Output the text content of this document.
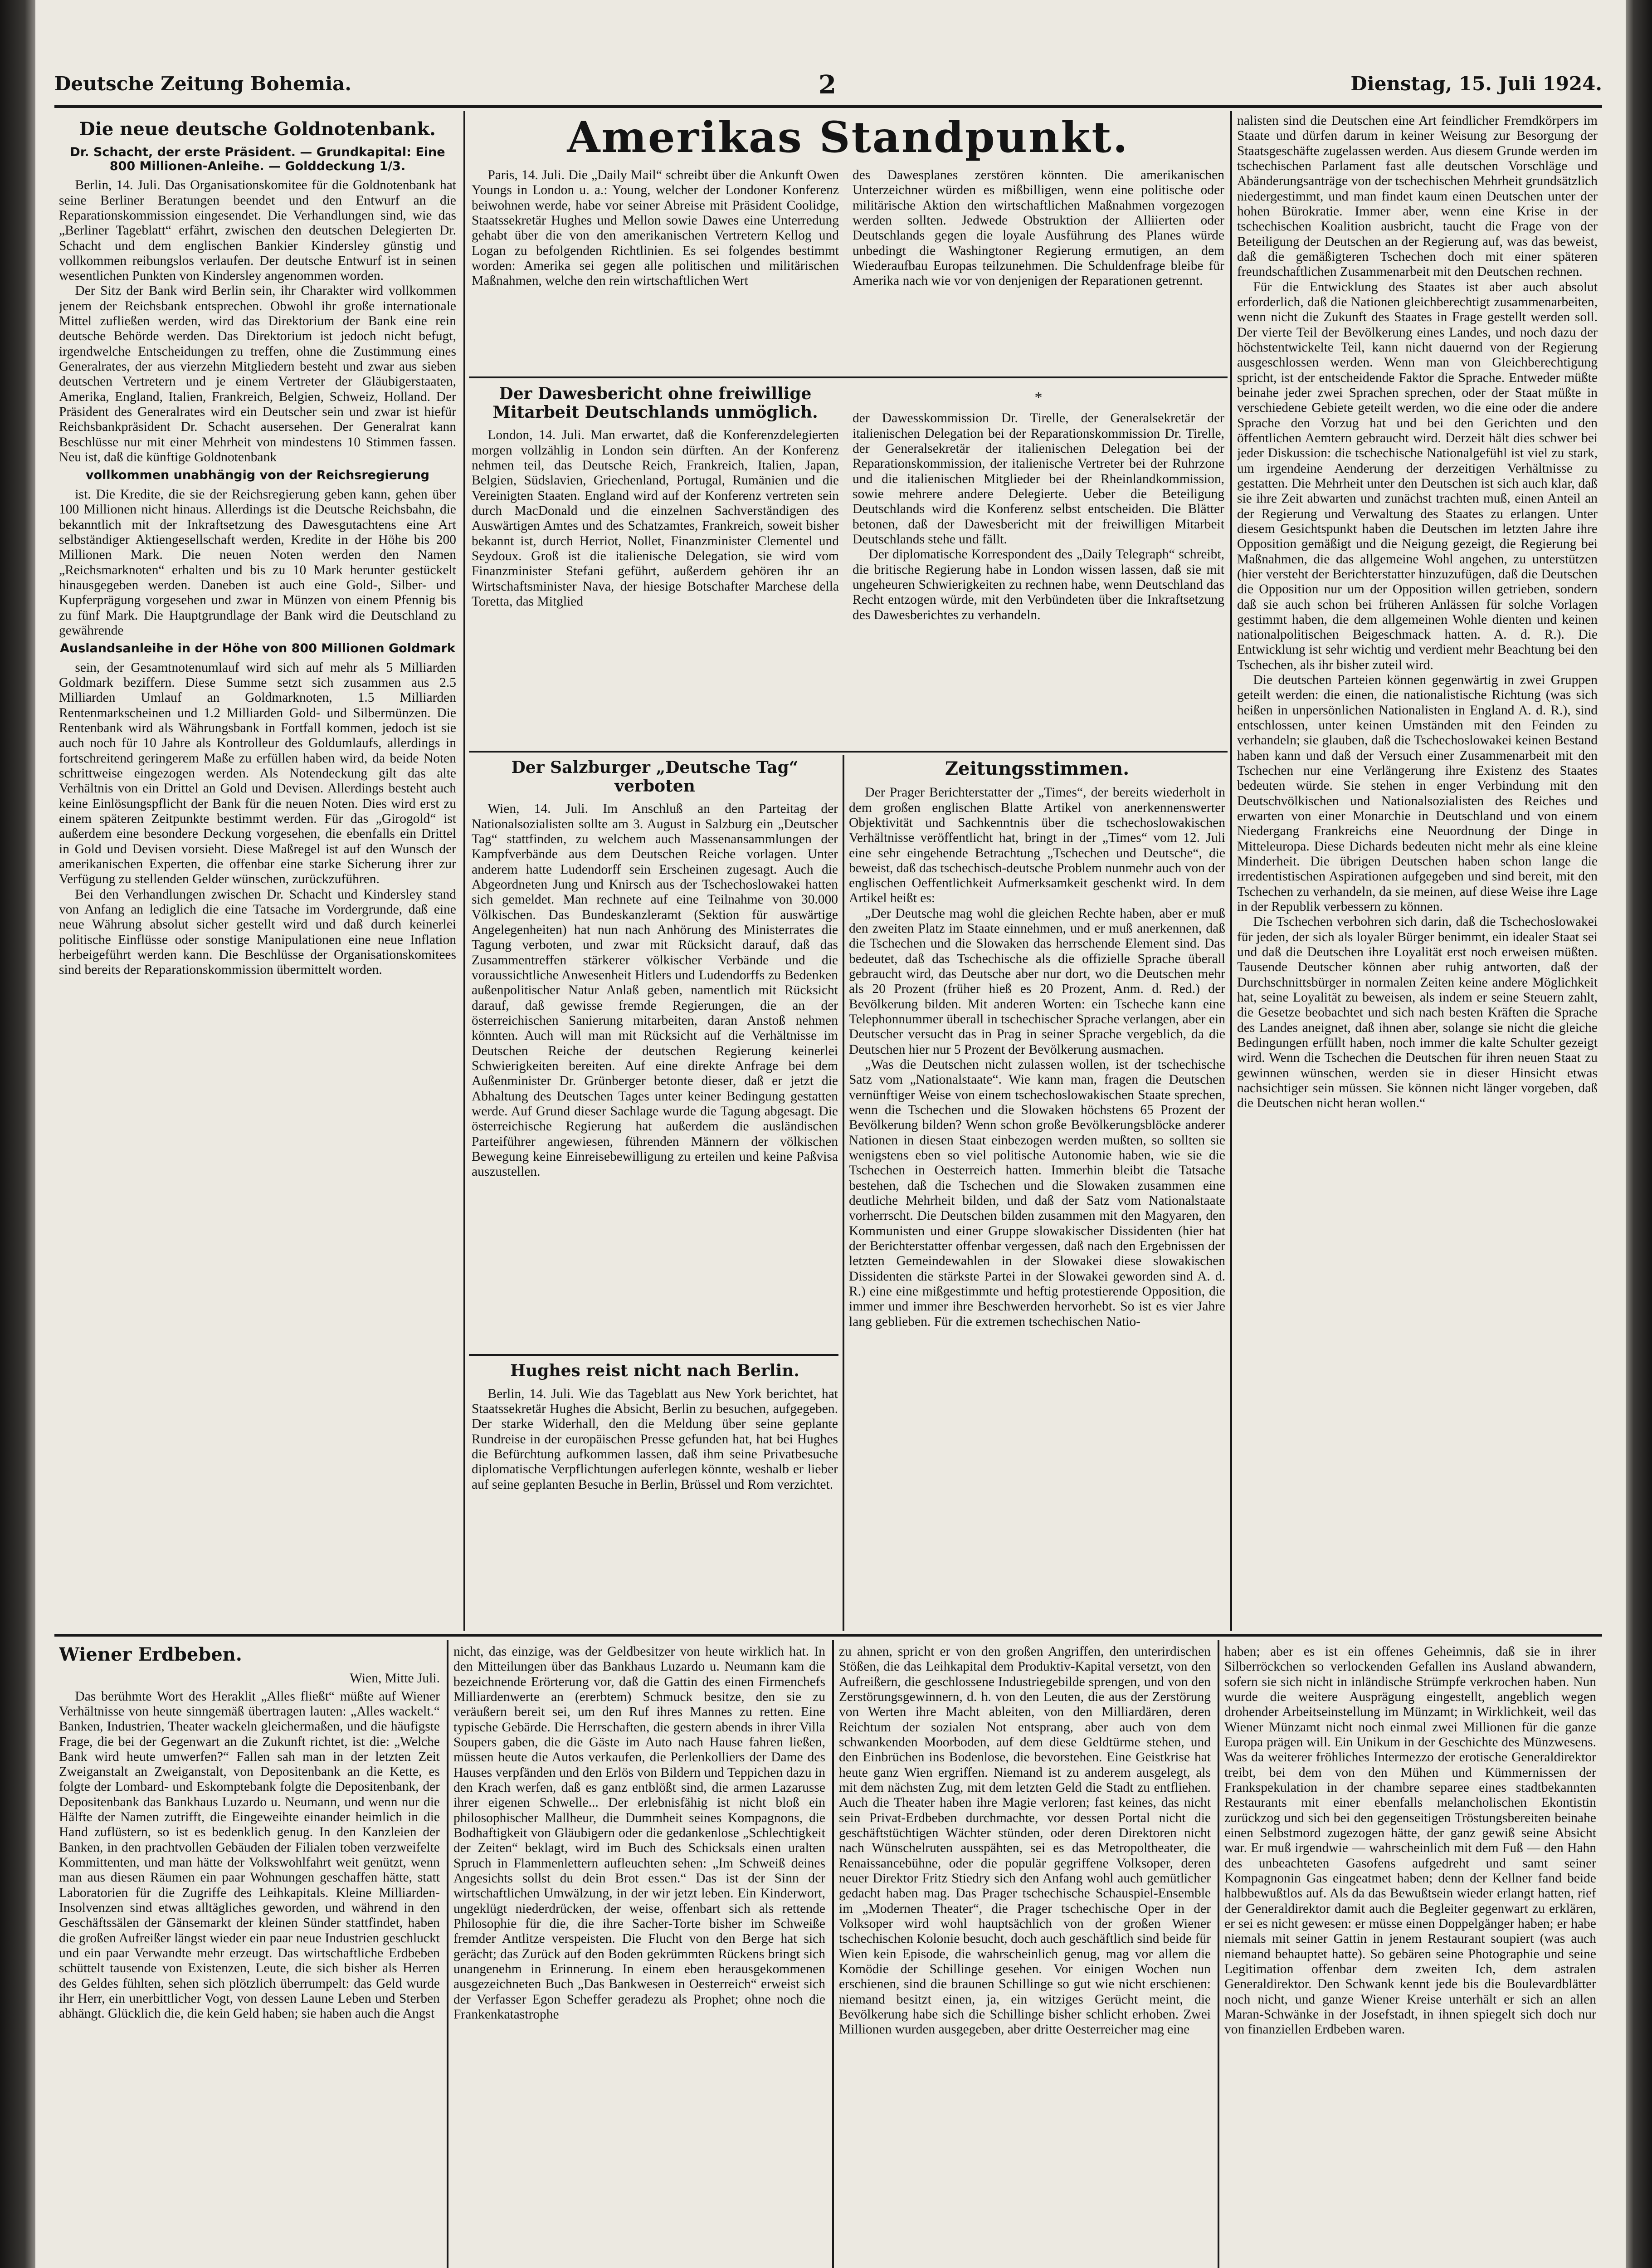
Deutsche Zeitung Bohemia.	2	Dienstag, 15. Juli 1924.
Die neue deutsche Goldnotenbank.
Dr. Schacht, der erste Präsident. — Grundkapital: Eine 800 Millionen-Anleihe. — Golddeckung 1/3.

Berlin, 14. Juli. Das Organisationskomitee für die Goldnotenbank hat seine Berliner Beratungen beendet und den Entwurf an die Reparationskommission eingesendet. Die Verhandlungen sind, wie das „Berliner Tageblatt“ erfährt, zwischen den deutschen Delegierten Dr. Schacht und dem englischen Bankier Kindersley günstig und vollkommen reibungslos verlaufen. Der deutsche Entwurf ist in seinen wesentlichen Punkten von Kindersley angenommen worden.

Der Sitz der Bank wird Berlin sein, ihr Charakter wird vollkommen jenem der Reichsbank entsprechen. Obwohl ihr große internationale Mittel zufließen werden, wird das Direktorium der Bank eine rein deutsche Behörde werden. Das Direktorium ist jedoch nicht befugt, irgendwelche Entscheidungen zu treffen, ohne die Zustimmung eines Generalrates, der aus vierzehn Mitgliedern besteht und zwar aus sieben deutschen Vertretern und je einem Vertreter der Gläubigerstaaten, Amerika, England, Italien, Frankreich, Belgien, Schweiz, Holland. Der Präsident des Generalrates wird ein Deutscher sein und zwar ist hiefür Reichsbankpräsident Dr. Schacht ausersehen. Der Generalrat kann Beschlüsse nur mit einer Mehrheit von mindestens 10 Stimmen fassen. Neu ist, daß die künftige Goldnotenbank

vollkommen unabhängig von der Reichsregierung

ist. Die Kredite, die sie der Reichsregierung geben kann, gehen über 100 Millionen nicht hinaus. Allerdings ist die Deutsche Reichsbahn, die bekanntlich mit der Inkraftsetzung des Dawesgutachtens eine Art selbständiger Aktiengesellschaft werden, Kredite in der Höhe bis 200 Millionen Mark. Die neuen Noten werden den Namen „Reichsmarknoten“ erhalten und bis zu 10 Mark herunter gestückelt hinausgegeben werden. Daneben ist auch eine Gold-, Silber- und Kupferprägung vorgesehen und zwar in Münzen von einem Pfennig bis zu fünf Mark. Die Hauptgrundlage der Bank wird die Deutschland zu gewährende

Auslandsanleihe in der Höhe von 800 Millionen Goldmark

sein, der Gesamtnotenumlauf wird sich auf mehr als 5 Milliarden Goldmark beziffern. Diese Summe setzt sich zusammen aus 2.5 Milliarden Umlauf an Goldmarknoten, 1.5 Milliarden Rentenmarkscheinen und 1.2 Milliarden Gold- und Silbermünzen. Die Rentenbank wird als Währungsbank in Fortfall kommen, jedoch ist sie auch noch für 10 Jahre als Kontrolleur des Goldumlaufs, allerdings in fortschreitend geringerem Maße zu erfüllen haben wird, da beide Noten schrittweise eingezogen werden. Als Notendeckung gilt das alte Verhältnis von ein Drittel an Gold und Devisen. Allerdings besteht auch keine Einlösungspflicht der Bank für die neuen Noten. Dies wird erst zu einem späteren Zeitpunkte bestimmt werden. Für das „Girogold“ ist außerdem eine besondere Deckung vorgesehen, die ebenfalls ein Drittel in Gold und Devisen vorsieht. Diese Maßregel ist auf den Wunsch der amerikanischen Experten, die offenbar eine starke Sicherung ihrer zur Verfügung zu stellenden Gelder wünschen, zurückzuführen.

Bei den Verhandlungen zwischen Dr. Schacht und Kindersley stand von Anfang an lediglich die eine Tatsache im Vordergrunde, daß eine neue Währung absolut sicher gestellt wird und daß durch keinerlei politische Einflüsse oder sonstige Manipulationen eine neue Inflation herbeigeführt werden kann. Die Beschlüsse der Organisationskomitees sind bereits der Reparationskommission übermittelt worden.

Amerikas Standpunkt.

Paris, 14. Juli. Die „Daily Mail“ schreibt über die Ankunft Owen Youngs in London u. a.: Young, welcher der Londoner Konferenz beiwohnen werde, habe vor seiner Abreise mit Präsident Coolidge, Staatssekretär Hughes und Mellon sowie Dawes eine Unterredung gehabt über die von den amerikanischen Vertretern Kellog und Logan zu befolgenden Richtlinien. Es sei folgendes bestimmt worden: Amerika sei gegen alle politischen und militärischen Maßnahmen, welche den rein wirtschaftlichen Wert

des Dawesplanes zerstören könnten. Die amerikanischen Unterzeichner würden es mißbilligen, wenn eine politische oder militärische Aktion den wirtschaftlichen Maßnahmen vorgezogen werden sollten. Jedwede Obstruktion der Alliierten oder Deutschlands gegen die loyale Ausführung des Planes würde unbedingt die Washingtoner Regierung ermutigen, an dem Wiederaufbau Europas teilzunehmen. Die Schuldenfrage bleibe für Amerika nach wie vor von denjenigen der Reparationen getrennt.

Der Dawesbericht ohne freiwillige Mitarbeit Deutschlands unmöglich.

London, 14. Juli. Man erwartet, daß die Konferenzdelegierten morgen vollzählig in London sein dürften. An der Konferenz nehmen teil, das Deutsche Reich, Frankreich, Italien, Japan, Belgien, Südslavien, Griechenland, Portugal, Rumänien und die Vereinigten Staaten. England wird auf der Konferenz vertreten sein durch MacDonald und die einzelnen Sachverständigen des Auswärtigen Amtes und des Schatzamtes, Frankreich, soweit bisher bekannt ist, durch Herriot, Nollet, Finanzminister Clementel und Seydoux. Groß ist die italienische Delegation, sie wird vom Finanzminister Stefani geführt, außerdem gehören ihr an Wirtschaftsminister Nava, der hiesige Botschafter Marchese della Toretta, das Mitglied

*

der Dawesskommission Dr. Tirelle, der Generalsekretär der italienischen Delegation bei der Reparationskommission Dr. Tirelle, der Generalsekretär der italienischen Delegation bei der Reparationskommission, der italienische Vertreter bei der Ruhrzone und die italienischen Mitglieder bei der Rheinlandkommission, sowie mehrere andere Delegierte. Ueber die Beteiligung Deutschlands wird die Konferenz selbst entscheiden. Die Blätter betonen, daß der Dawesbericht mit der freiwilligen Mitarbeit Deutschlands stehe und fällt.

Der diplomatische Korrespondent des „Daily Telegraph“ schreibt, die britische Regierung habe in London wissen lassen, daß sie mit ungeheuren Schwierigkeiten zu rechnen habe, wenn Deutschland das Recht entzogen würde, mit den Verbündeten über die Inkraftsetzung des Dawesberichtes zu verhandeln.

Der Salzburger „Deutsche Tag“ verboten

Wien, 14. Juli. Im Anschluß an den Parteitag der Nationalsozialisten sollte am 3. August in Salzburg ein „Deutscher Tag“ stattfinden, zu welchem auch Massenansammlungen der Kampfverbände aus dem Deutschen Reiche vorlagen. Unter anderem hatte Ludendorff sein Erscheinen zugesagt. Auch die Abgeordneten Jung und Knirsch aus der Tschechoslowakei hatten sich gemeldet. Man rechnete auf eine Teilnahme von 30.000 Völkischen. Das Bundeskanzleramt (Sektion für auswärtige Angelegenheiten) hat nun nach Anhörung des Ministerrates die Tagung verboten, und zwar mit Rücksicht darauf, daß das Zusammentreffen stärkerer völkischer Verbände und die voraussichtliche Anwesenheit Hitlers und Ludendorffs zu Bedenken außenpolitischer Natur Anlaß geben, namentlich mit Rücksicht darauf, daß gewisse fremde Regierungen, die an der österreichischen Sanierung mitarbeiten, daran Anstoß nehmen könnten. Auch will man mit Rücksicht auf die Verhältnisse im Deutschen Reiche der deutschen Regierung keinerlei Schwierigkeiten bereiten. Auf eine direkte Anfrage bei dem Außenminister Dr. Grünberger betonte dieser, daß er jetzt die Abhaltung des Deutschen Tages unter keiner Bedingung gestatten werde. Auf Grund dieser Sachlage wurde die Tagung abgesagt. Die österreichische Regierung hat außerdem die ausländischen Parteiführer angewiesen, führenden Männern der völkischen Bewegung keine Einreisebewilligung zu erteilen und keine Paßvisa auszustellen.

Hughes reist nicht nach Berlin.

Berlin, 14. Juli. Wie das Tageblatt aus New York berichtet, hat Staatssekretär Hughes die Absicht, Berlin zu besuchen, aufgegeben. Der starke Widerhall, den die Meldung über seine geplante Rundreise in der europäischen Presse gefunden hat, hat bei Hughes die Befürchtung aufkommen lassen, daß ihm seine Privatbesuche diplomatische Verpflichtungen auferlegen könnte, weshalb er lieber auf seine geplanten Besuche in Berlin, Brüssel und Rom verzichtet.

Zeitungsstimmen.

Der Prager Berichterstatter der „Times“, der bereits wiederholt in dem großen englischen Blatte Artikel von anerkennenswerter Objektivität und Sachkenntnis über die tschechoslowakischen Verhältnisse veröffentlicht hat, bringt in der „Times“ vom 12. Juli eine sehr eingehende Betrachtung „Tschechen und Deutsche“, die beweist, daß das tschechisch-deutsche Problem nunmehr auch von der englischen Oeffentlichkeit Aufmerksamkeit geschenkt wird. In dem Artikel heißt es:

„Der Deutsche mag wohl die gleichen Rechte haben, aber er muß den zweiten Platz im Staate einnehmen, und er muß anerkennen, daß die Tschechen und die Slowaken das herrschende Element sind. Das bedeutet, daß das Tschechische als die offizielle Sprache überall gebraucht wird, das Deutsche aber nur dort, wo die Deutschen mehr als 20 Prozent (früher hieß es 20 Prozent, Anm. d. Red.) der Bevölkerung bilden. Mit anderen Worten: ein Tscheche kann eine Telephonnummer überall in tschechischer Sprache verlangen, aber ein Deutscher versucht das in Prag in seiner Sprache vergeblich, da die Deutschen hier nur 5 Prozent der Bevölkerung ausmachen.

„Was die Deutschen nicht zulassen wollen, ist der tschechische Satz vom „Nationalstaate“. Wie kann man, fragen die Deutschen vernünftiger Weise von einem tschechoslowakischen Staate sprechen, wenn die Tschechen und die Slowaken höchstens 65 Prozent der Bevölkerung bilden? Wenn schon große Bevölkerungsblöcke anderer Nationen in diesen Staat einbezogen werden mußten, so sollten sie wenigstens eben so viel politische Autonomie haben, wie sie die Tschechen in Oesterreich hatten. Immerhin bleibt die Tatsache bestehen, daß die Tschechen und die Slowaken zusammen eine deutliche Mehrheit bilden, und daß der Satz vom Nationalstaate vorherrscht. Die Deutschen bilden zusammen mit den Magyaren, den Kommunisten und einer Gruppe slowakischer Dissidenten (hier hat der Berichterstatter offenbar vergessen, daß nach den Ergebnissen der letzten Gemeindewahlen in der Slowakei diese slowakischen Dissidenten die stärkste Partei in der Slowakei geworden sind A. d. R.) eine eine mißgestimmte und heftig protestierende Opposition, die immer und immer ihre Beschwerden hervorhebt. So ist es vier Jahre lang geblieben. Für die extremen tschechischen Natio-

nalisten sind die Deutschen eine Art feindlicher Fremdkörpers im Staate und dürfen darum in keiner Weisung zur Besorgung der Staatsgeschäfte zugelassen werden. Aus diesem Grunde werden im tschechischen Parlament fast alle deutschen Vorschläge und Abänderungsanträge von der tschechischen Mehrheit grundsätzlich niedergestimmt, und man findet kaum einen Deutschen unter der hohen Bürokratie. Immer aber, wenn eine Krise in der tschechischen Koalition ausbricht, taucht die Frage von der Beteiligung der Deutschen an der Regierung auf, was das beweist, daß die gemäßigteren Tschechen doch mit einer späteren freundschaftlichen Zusammenarbeit mit den Deutschen rechnen.

Für die Entwicklung des Staates ist aber auch absolut erforderlich, daß die Nationen gleichberechtigt zusammenarbeiten, wenn nicht die Zukunft des Staates in Frage gestellt werden soll. Der vierte Teil der Bevölkerung eines Landes, und noch dazu der höchstentwickelte Teil, kann nicht dauernd von der Regierung ausgeschlossen werden. Wenn man von Gleichberechtigung spricht, ist der entscheidende Faktor die Sprache. Entweder müßte beinahe jeder zwei Sprachen sprechen, oder der Staat müßte in verschiedene Gebiete geteilt werden, wo die eine oder die andere Sprache den Vorzug hat und bei den Gerichten und den öffentlichen Aemtern gebraucht wird. Derzeit hält dies schwer bei jeder Diskussion: die tschechische Nationalgefühl ist viel zu stark, um irgendeine Aenderung der derzeitigen Verhältnisse zu gestatten. Die Mehrheit unter den Deutschen ist sich auch klar, daß sie ihre Zeit abwarten und zunächst trachten muß, einen Anteil an der Regierung und Verwaltung des Staates zu erlangen. Unter diesem Gesichtspunkt haben die Deutschen im letzten Jahre ihre Opposition gemäßigt und die Neigung gezeigt, die Regierung bei Maßnahmen, die das allgemeine Wohl angehen, zu unterstützen (hier versteht der Berichterstatter hinzuzufügen, daß die Deutschen die Opposition nur um der Opposition willen getrieben, sondern daß sie auch schon bei früheren Anlässen für solche Vorlagen gestimmt haben, die dem allgemeinen Wohle dienten und keinen nationalpolitischen Beigeschmack hatten. A. d. R.). Die Entwicklung ist sehr wichtig und verdient mehr Beachtung bei den Tschechen, als ihr bisher zuteil wird.

Die deutschen Parteien können gegenwärtig in zwei Gruppen geteilt werden: die einen, die nationalistische Richtung (was sich heißen in unpersönlichen Nationalisten in England A. d. R.), sind entschlossen, unter keinen Umständen mit den Feinden zu verhandeln; sie glauben, daß die Tschechoslowakei keinen Bestand haben kann und daß der Versuch einer Zusammenarbeit mit den Tschechen nur eine Verlängerung ihre Existenz des Staates bedeuten würde. Sie stehen in enger Verbindung mit den Deutschvölkischen und Nationalsozialisten des Reiches und erwarten von einer Monarchie in Deutschland und von einem Niedergang Frankreichs eine Neuordnung der Dinge in Mitteleuropa. Diese Dichards bedeuten nicht mehr als eine kleine Minderheit. Die übrigen Deutschen haben schon lange die irredentistischen Aspirationen aufgegeben und sind bereit, mit den Tschechen zu verhandeln, da sie meinen, auf diese Weise ihre Lage in der Republik verbessern zu können.

Die Tschechen verbohren sich darin, daß die Tschechoslowakei für jeden, der sich als loyaler Bürger benimmt, ein idealer Staat sei und daß die Deutschen ihre Loyalität erst noch erweisen müßten. Tausende Deutscher können aber ruhig antworten, daß der Durchschnittsbürger in normalen Zeiten keine andere Möglichkeit hat, seine Loyalität zu beweisen, als indem er seine Steuern zahlt, die Gesetze beobachtet und sich nach besten Kräften die Sprache des Landes aneignet, daß ihnen aber, solange sie nicht die gleiche Bedingungen erfüllt haben, noch immer die kalte Schulter gezeigt wird. Wenn die Tschechen die Deutschen für ihren neuen Staat zu gewinnen wünschen, werden sie in dieser Hinsicht etwas nachsichtiger sein müssen. Sie können nicht länger vorgeben, daß die Deutschen nicht heran wollen.“

Wiener Erdbeben.
Wien, Mitte Juli.

Das berühmte Wort des Heraklit „Alles fließt“ müßte auf Wiener Verhältnisse von heute sinngemäß übertragen lauten: „Alles wackelt.“ Banken, Industrien, Theater wackeln gleichermaßen, und die häufigste Frage, die bei der Gegenwart an die Zukunft richtet, ist die: „Welche Bank wird heute umwerfen?“ Fallen sah man in der letzten Zeit Zweiganstalt an Zweiganstalt, von Depositenbank an die Kette, es folgte der Lombard- und Eskomptebank folgte die Depositenbank, der Depositenbank das Bankhaus Luzardo u. Neumann, und wenn nur die Hälfte der Namen zutrifft, die Eingeweihte einander heimlich in die Hand zuflüstern, so ist es bedenklich genug. In den Kanzleien der Banken, in den prachtvollen Gebäuden der Filialen toben verzweifelte Kommittenten, und man hätte der Volkswohlfahrt weit genützt, wenn man aus diesen Räumen ein paar Wohnungen geschaffen hätte, statt Laboratorien für die Zugriffe des Leihkapitals. Kleine Milliarden-Insolvenzen sind etwas alltägliches geworden, und während in den Geschäftssälen der Gänsemarkt der kleinen Sünder stattfindet, haben die großen Aufreißer längst wieder ein paar neue Industrien geschluckt und ein paar Verwandte mehr erzeugt. Das wirtschaftliche Erdbeben schüttelt tausende von Existenzen, Leute, die sich bisher als Herren des Geldes fühlten, sehen sich plötzlich überrumpelt: das Geld wurde ihr Herr, ein unerbittlicher Vogt, von dessen Laune Leben und Sterben abhängt. Glücklich die, die kein Geld haben; sie haben auch die Angst

nicht, das einzige, was der Geldbesitzer von heute wirklich hat. In den Mitteilungen über das Bankhaus Luzardo u. Neumann kam die bezeichnende Erörterung vor, daß die Gattin des einen Firmenchefs Milliardenwerte an (ererbtem) Schmuck besitze, den sie zu veräußern bereit sei, um den Ruf ihres Mannes zu retten. Eine typische Gebärde. Die Herrschaften, die gestern abends in ihrer Villa Soupers gaben, die die Gäste im Auto nach Hause fahren ließen, müssen heute die Autos verkaufen, die Perlenkolliers der Dame des Hauses verpfänden und den Erlös von Bildern und Teppichen dazu in den Krach werfen, daß es ganz entblößt sind, die armen Lazarusse ihrer eigenen Schwelle... Der erlebnisfähig ist nicht bloß ein philosophischer Mallheur, die Dummheit seines Kompagnons, die Bodhaftigkeit von Gläubigern oder die gedankenlose „Schlechtigkeit der Zeiten“ beklagt, wird im Buch des Schicksals einen uralten Spruch in Flammenlettern aufleuchten sehen: „Im Schweiß deines Angesichts sollst du dein Brot essen.“ Das ist der Sinn der wirtschaftlichen Umwälzung, in der wir jetzt leben. Ein Kinderwort, ungeklügt niederdrücken, der weise, offenbart sich als rettende Philosophie für die, die ihre Sacher-Torte bisher im Schweiße fremder Antlitze verspeisten. Die Flucht von den Berge hat sich gerächt; das Zurück auf den Boden gekrümmten Rückens bringt sich unangenehm in Erinnerung. In einem eben herausgekommenen ausgezeichneten Buch „Das Bankwesen in Oesterreich“ erweist sich der Verfasser Egon Scheffer geradezu als Prophet; ohne noch die Frankenkatastrophe

zu ahnen, spricht er von den großen Angriffen, den unterirdischen Stößen, die das Leihkapital dem Produktiv-Kapital versetzt, von den Aufreißern, die geschlossene Industriegebilde sprengen, und von den Zerstörungsgewinnern, d. h. von den Leuten, die aus der Zerstörung von Werten ihre Macht ableiten, von den Milliardären, deren Reichtum der sozialen Not entsprang, aber auch von dem schwankenden Moorboden, auf dem diese Geldtürme stehen, und den Einbrüchen ins Bodenlose, die bevorstehen. Eine Geistkrise hat heute ganz Wien ergriffen. Niemand ist zu anderem ausgelegt, als mit dem nächsten Zug, mit dem letzten Geld die Stadt zu entfliehen. Auch die Theater haben ihre Magie verloren; fast keines, das nicht sein Privat-Erdbeben durchmachte, vor dessen Portal nicht die geschäftstüchtigen Wächter stünden, oder deren Direktoren nicht nach Wünschelruten ausspähten, sei es das Metropoltheater, die Renaissancebühne, oder die populär gegriffene Volksoper, deren neuer Direktor Fritz Stiedry sich den Anfang wohl auch gemütlicher gedacht haben mag. Das Prager tschechische Schauspiel-Ensemble im „Modernen Theater“, die Prager tschechische Oper in der Volksoper wird wohl hauptsächlich von der großen Wiener tschechischen Kolonie besucht, doch auch geschäftlich sind beide für Wien kein Episode, die wahrscheinlich genug, mag vor allem die Komödie der Schillinge gesehen. Vor einigen Wochen nun erschienen, sind die braunen Schillinge so gut wie nicht erschienen: niemand besitzt einen, ja, ein witziges Gerücht meint, die Bevölkerung habe sich die Schillinge bisher schlicht erhoben. Zwei Millionen wurden ausgegeben, aber dritte Oesterreicher mag eine

haben; aber es ist ein offenes Geheimnis, daß sie in ihrer Silberröckchen so verlockenden Gefallen ins Ausland abwandern, sofern sie sich nicht in inländische Strümpfe verkrochen haben. Nun wurde die weitere Ausprägung eingestellt, angeblich wegen drohender Arbeitseinstellung im Münzamt; in Wirklichkeit, weil das Wiener Münzamt nicht noch einmal zwei Millionen für die ganze Europa prägen will. Ein Unikum in der Geschichte des Münzwesens. Was da weiterer fröhliches Intermezzo der erotische Generaldirektor treibt, bei dem von den Mühen und Kümmernissen der Frankspekulation in der chambre separee eines stadtbekannten Restaurants mit einer ebenfalls melancholischen Ekontistin zurückzog und sich bei den gegenseitigen Tröstungsbereiten beinahe einen Selbstmord zugezogen hätte, der ganz gewiß seine Absicht war. Er muß irgendwie — wahrscheinlich mit dem Fuß — den Hahn des unbeachteten Gasofens aufgedreht und samt seiner Kompagnonin Gas eingeatmet haben; denn der Kellner fand beide halbbewußtlos auf. Als da das Bewußtsein wieder erlangt hatten, rief der Generaldirektor damit auch die Begleiter gegenwart zu erklären, er sei es nicht gewesen: er müsse einen Doppelgänger haben; er habe niemals mit seiner Gattin in jenem Restaurant soupiert (was auch niemand behauptet hatte). So gebären seine Photographie und seine Legitimation offenbar dem zweiten Ich, dem astralen Generaldirektor. Den Schwank kennt jede bis die Boulevardblätter noch nicht, und ganze Wiener Kreise unterhält er sich an allen Maran-Schwänke in der Josefstadt, in ihnen spiegelt sich doch nur von finanziellen Erdbeben waren.
